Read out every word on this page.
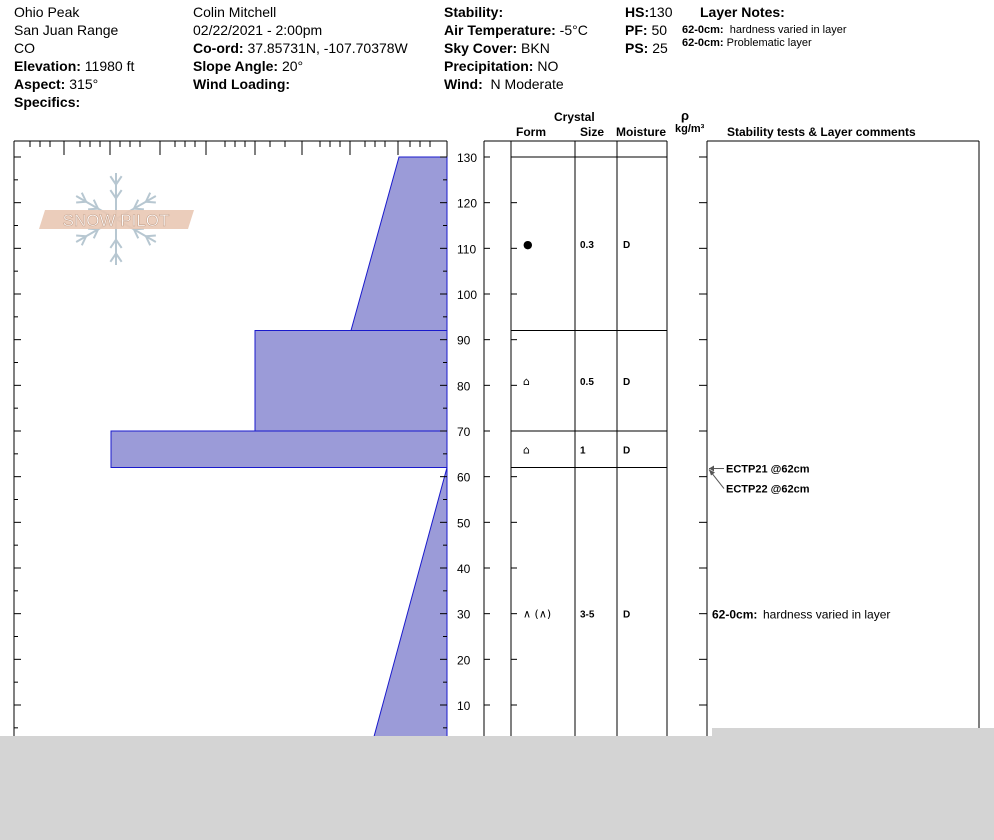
Ohio Peak
San Juan Range
CO
Elevation: 11980 ft
Aspect: 315°
Specifics:
Colin Mitchell
02/22/2021 - 2:00pm
Co-ord: 37.85731N, -107.70378W
Slope Angle: 20°
Wind Loading:
Stability:
Air Temperature: -5°C
Sky Cover: BKN
Precipitation: NO
Wind: N Moderate
HS:130
PF: 50
PS: 25
Layer Notes:
62-0cm: hardness varied in layer
62-0cm: Problematic layer
Crystal
Form	Size Moisture
ρ
kg/m³ Stability tests & Layer comments
SNOW PILOT
10
20
30
40
50
60
70
80
90
100
110
120
130
●	0.3	D
⌂	0.5	D
⌂	1	D
∧ (∧)	3-5	D
ECTP21 @62cm
ECTP22 @62cm
62-0cm: hardness varied in layer
